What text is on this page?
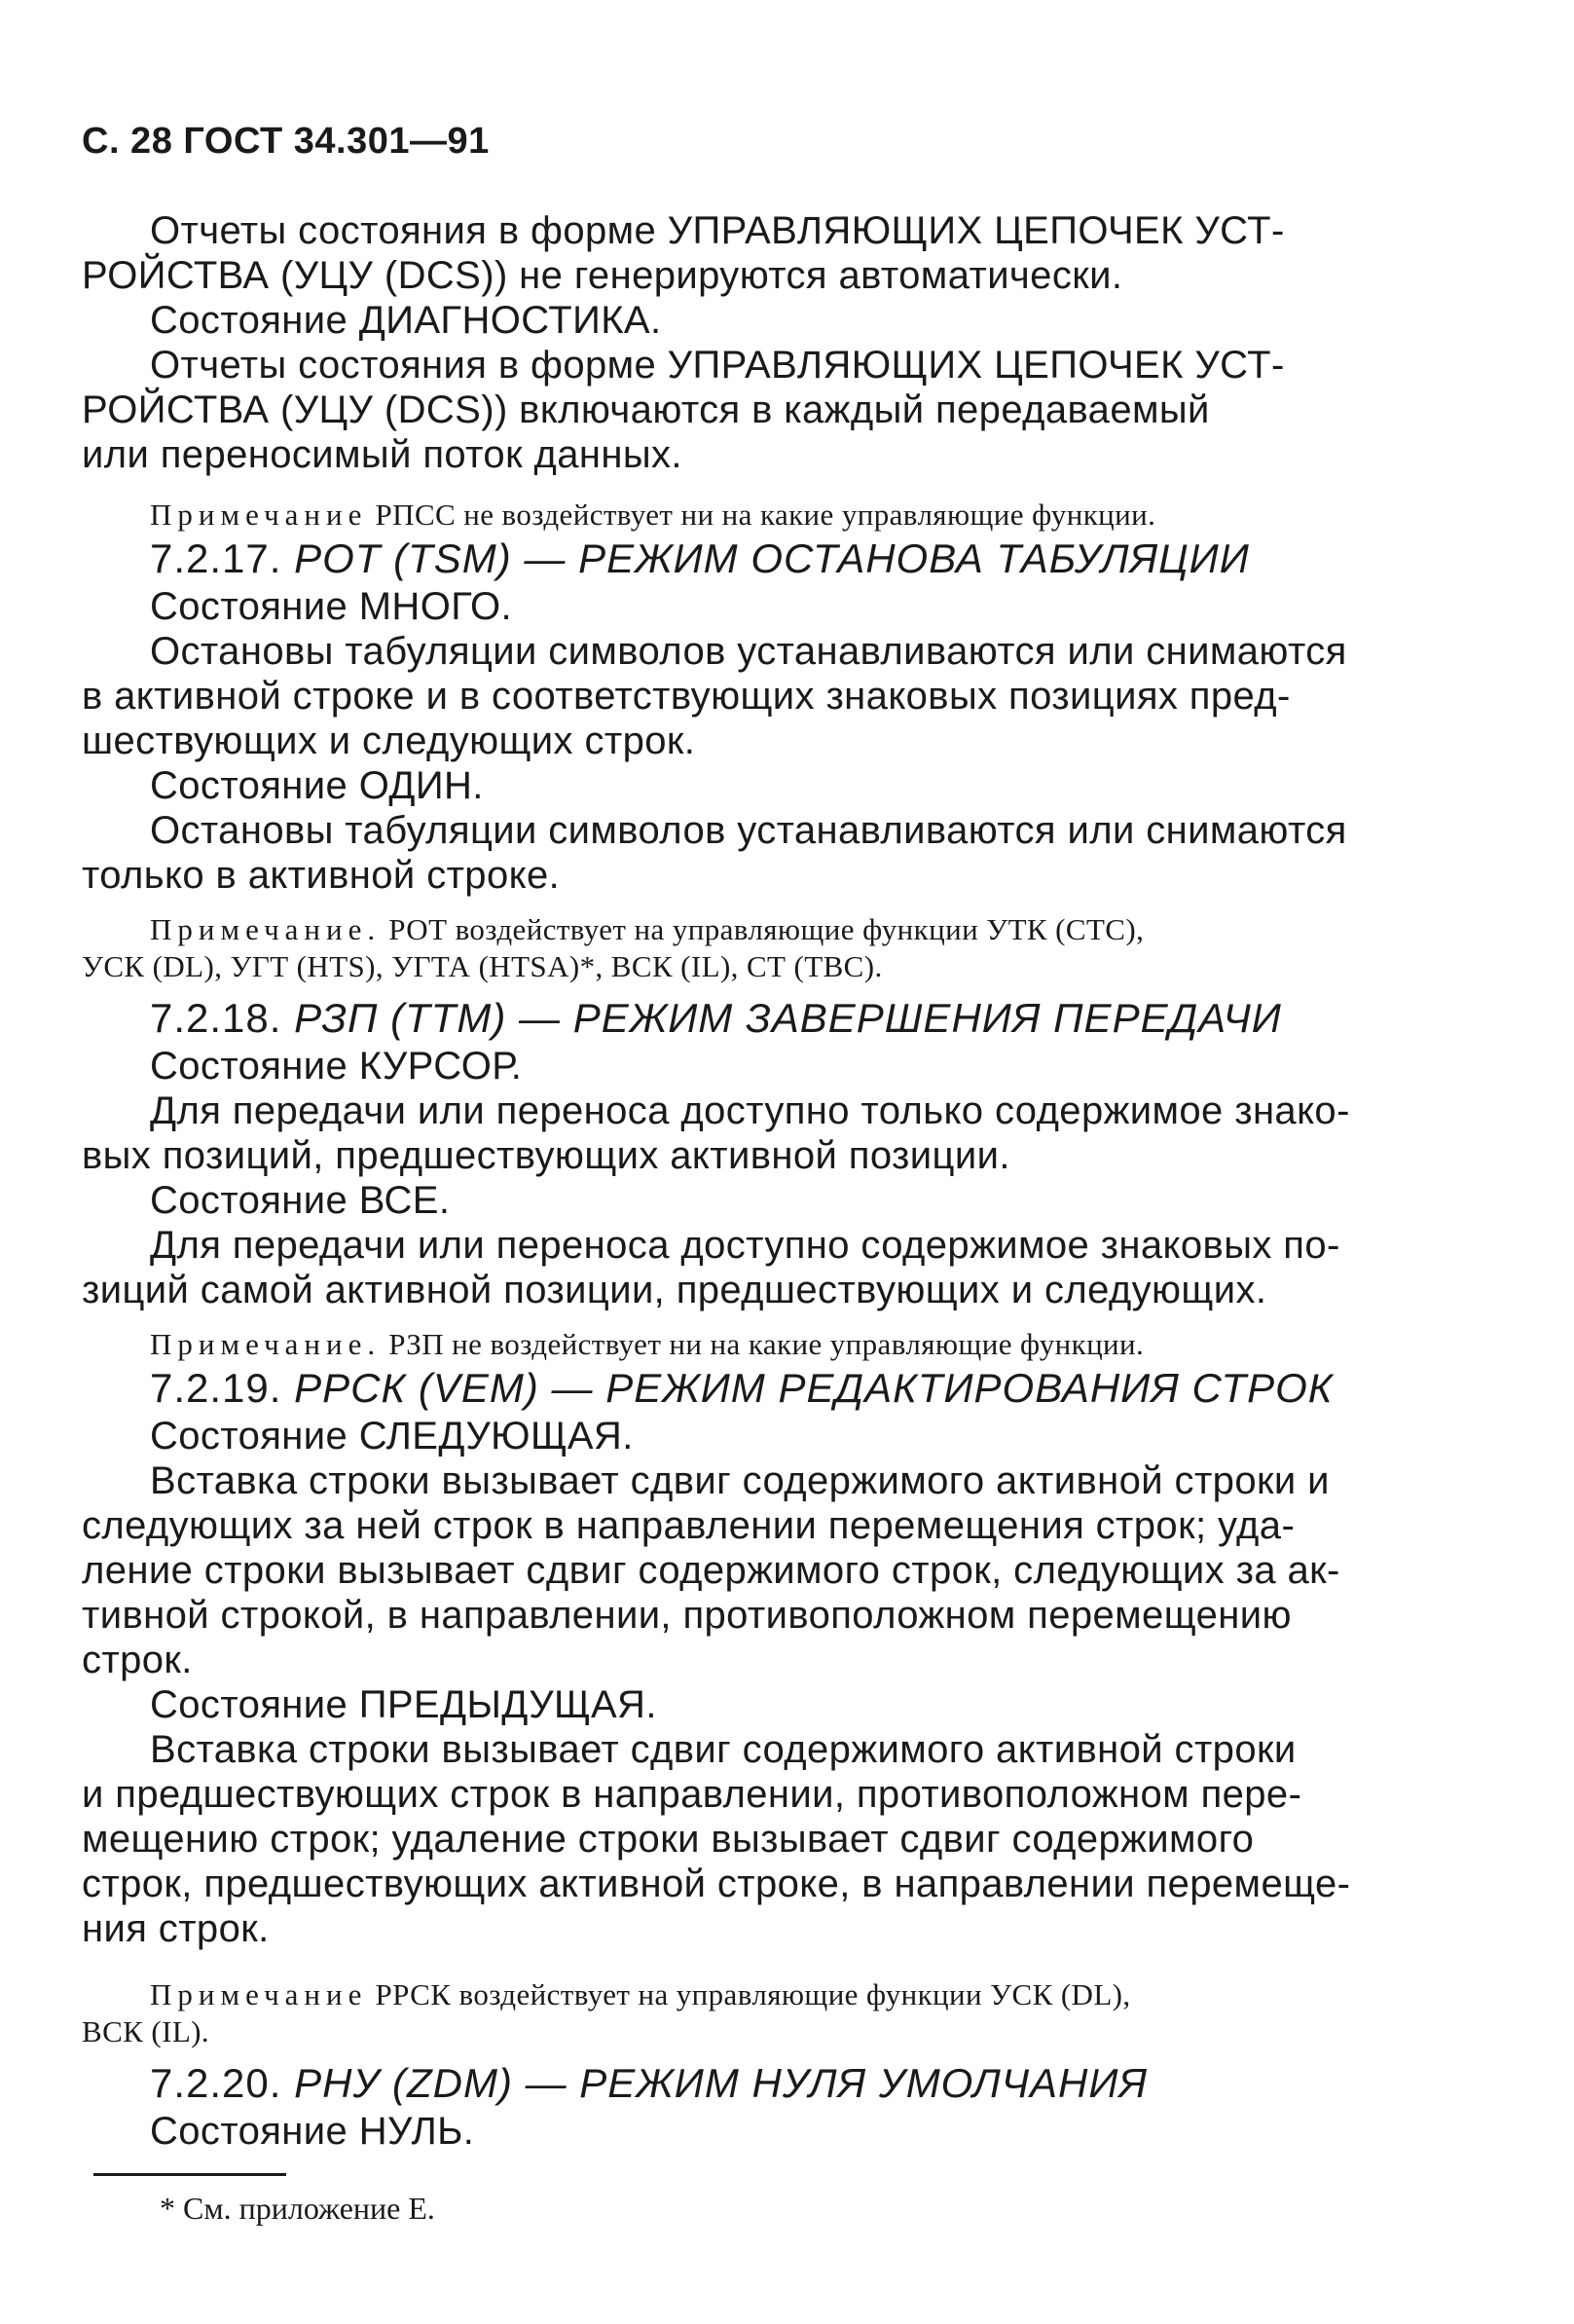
С. 28 ГОСТ 34.301—91
Отчеты состояния в форме УПРАВЛЯЮЩИХ ЦЕПОЧЕК УСТ-
РОЙСТВА (УЦУ (DCS)) не генерируются автоматически.
Состояние ДИАГНОСТИКА.
Отчеты состояния в форме УПРАВЛЯЮЩИХ ЦЕПОЧЕК УСТ-
РОЙСТВА (УЦУ (DCS)) включаются в каждый передаваемый
или переносимый поток данных.
Примечание РПСС не воздействует ни на какие управляющие функции.
7.2.17. РОТ (TSM) — РЕЖИМ ОСТАНОВА ТАБУЛЯЦИИ
Состояние МНОГО.
Остановы табуляции символов устанавливаются или снимаются
в активной строке и в соответствующих знаковых позициях пред-
шествующих и следующих строк.
Состояние ОДИН.
Остановы табуляции символов устанавливаются или снимаются
только в активной строке.
Примечание. РОТ воздействует на управляющие функции УТК (СТС),
УСК (DL), УГТ (HTS), УГТА (HTSA)*, ВСК (IL), СТ (TBC).
7.2.18. РЗП (TTM) — РЕЖИМ ЗАВЕРШЕНИЯ ПЕРЕДАЧИ
Состояние КУРСОР.
Для передачи или переноса доступно только содержимое знако-
вых позиций, предшествующих активной позиции.
Состояние ВСЕ.
Для передачи или переноса доступно содержимое знаковых по-
зиций самой активной позиции, предшествующих и следующих.
Примечание. РЗП не воздействует ни на какие управляющие функции.
7.2.19. РРСК (VEM) — РЕЖИМ РЕДАКТИРОВАНИЯ СТРОК
Состояние СЛЕДУЮЩАЯ.
Вставка строки вызывает сдвиг содержимого активной строки и
следующих за ней строк в направлении перемещения строк; уда-
ление строки вызывает сдвиг содержимого строк, следующих за ак-
тивной строкой, в направлении, противоположном перемещению
строк.
Состояние ПРЕДЫДУЩАЯ.
Вставка строки вызывает сдвиг содержимого активной строки
и предшествующих строк в направлении, противоположном пере-
мещению строк; удаление строки вызывает сдвиг содержимого
строк, предшествующих активной строке, в направлении перемеще-
ния строк.
Примечание РРСК воздействует на управляющие функции УСК (DL),
ВСК (IL).
7.2.20. РНУ (ZDM) — РЕЖИМ НУЛЯ УМОЛЧАНИЯ
Состояние НУЛЬ.
* См. приложение Е.
